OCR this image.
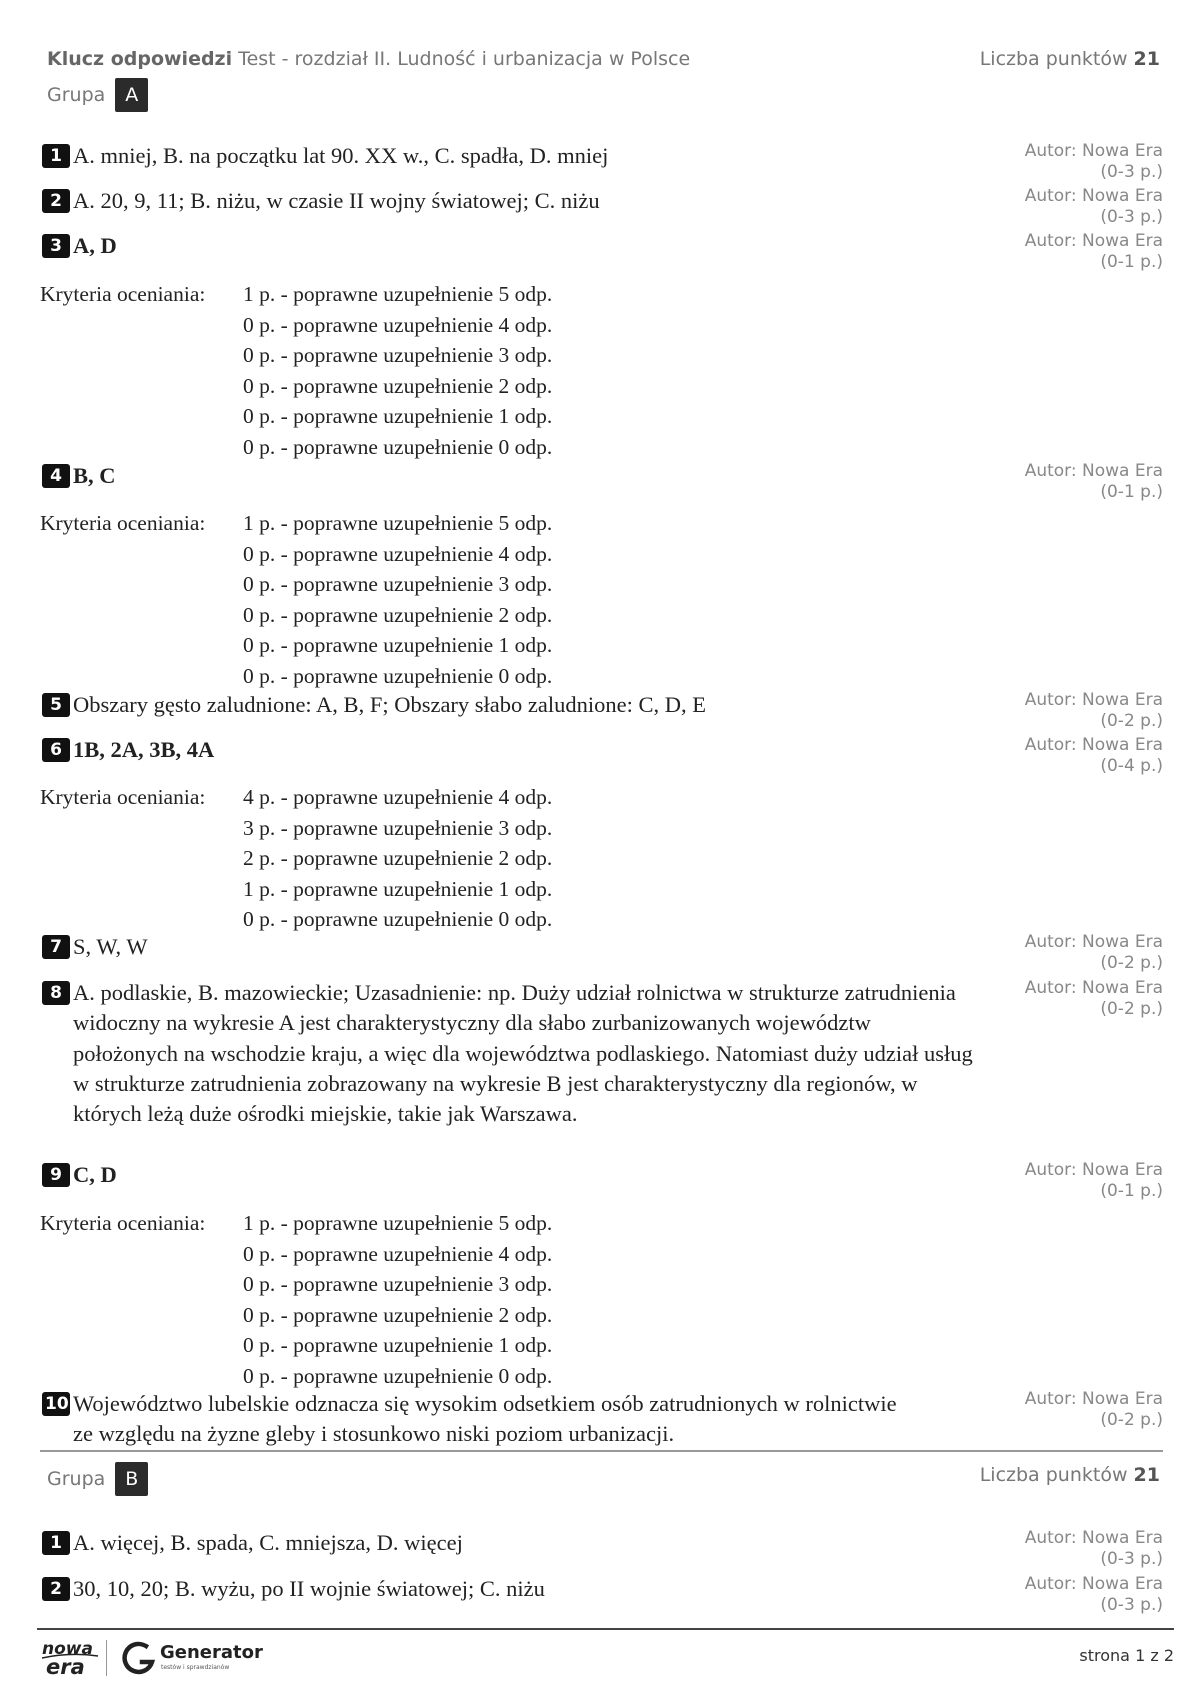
Klucz odpowiedzi Test - rozdział II. Ludność i urbanizacja w Polsce	Liczba punktów 21
Grupa	A
1 A. mniej, B. na początku lat 90. XX w., C. spadła, D. mniej	Autor: Nowa Era
(0-3 p.)
2 A. 20, 9, 11; B. niżu, w czasie II wojny światowej; C. niżu	Autor: Nowa Era
(0-3 p.)
3 A, D	Autor: Nowa Era
(0-1 p.)
Kryteria oceniania: 1 p. - poprawne uzupełnienie 5 odp.
0 p. - poprawne uzupełnienie 4 odp.
0 p. - poprawne uzupełnienie 3 odp.
0 p. - poprawne uzupełnienie 2 odp.
0 p. - poprawne uzupełnienie 1 odp.
0 p. - poprawne uzupełnienie 0 odp.
4 B, C	Autor: Nowa Era
(0-1 p.)
Kryteria oceniania: 1 p. - poprawne uzupełnienie 5 odp.
0 p. - poprawne uzupełnienie 4 odp.
0 p. - poprawne uzupełnienie 3 odp.
0 p. - poprawne uzupełnienie 2 odp.
0 p. - poprawne uzupełnienie 1 odp.
0 p. - poprawne uzupełnienie 0 odp.
5 Obszary gęsto zaludnione: A, B, F; Obszary słabo zaludnione: C, D, E	Autor: Nowa Era
(0-2 p.)
6 1B, 2A, 3B, 4A	Autor: Nowa Era
(0-4 p.)
Kryteria oceniania: 4 p. - poprawne uzupełnienie 4 odp.
3 p. - poprawne uzupełnienie 3 odp.
2 p. - poprawne uzupełnienie 2 odp.
1 p. - poprawne uzupełnienie 1 odp.
0 p. - poprawne uzupełnienie 0 odp.
7 S, W, W	Autor: Nowa Era
(0-2 p.)
8 A. podlaskie, B. mazowieckie; Uzasadnienie: np. Duży udział rolnictwa w strukturze zatrudnienia widoczny na wykresie A jest charakterystyczny dla słabo zurbanizowanych województw położonych na wschodzie kraju, a więc dla województwa podlaskiego. Natomiast duży udział usług w strukturze zatrudnienia zobrazowany na wykresie B jest charakterystyczny dla regionów, w których leżą duże ośrodki miejskie, takie jak Warszawa.
Autor: Nowa Era
(0-2 p.)
9 C, D	Autor: Nowa Era
(0-1 p.)
Kryteria oceniania: 1 p. - poprawne uzupełnienie 5 odp.
0 p. - poprawne uzupełnienie 4 odp.
0 p. - poprawne uzupełnienie 3 odp.
0 p. - poprawne uzupełnienie 2 odp.
0 p. - poprawne uzupełnienie 1 odp.
0 p. - poprawne uzupełnienie 0 odp.
10 Województwo lubelskie odznacza się wysokim odsetkiem osób zatrudnionych w rolnictwie ze względu na żyzne gleby i stosunkowo niski poziom urbanizacji.
Autor: Nowa Era
(0-2 p.)
Grupa	B	Liczba punktów 21
1 A. więcej, B. spada, C. mniejsza, D. więcej	Autor: Nowa Era
(0-3 p.)
2 30, 10, 20; B. wyżu, po II wojnie światowej; C. niżu	Autor: Nowa Era
(0-3 p.)
nowa
era
Generator
testów i sprawdzianów
strona 1 z 2
